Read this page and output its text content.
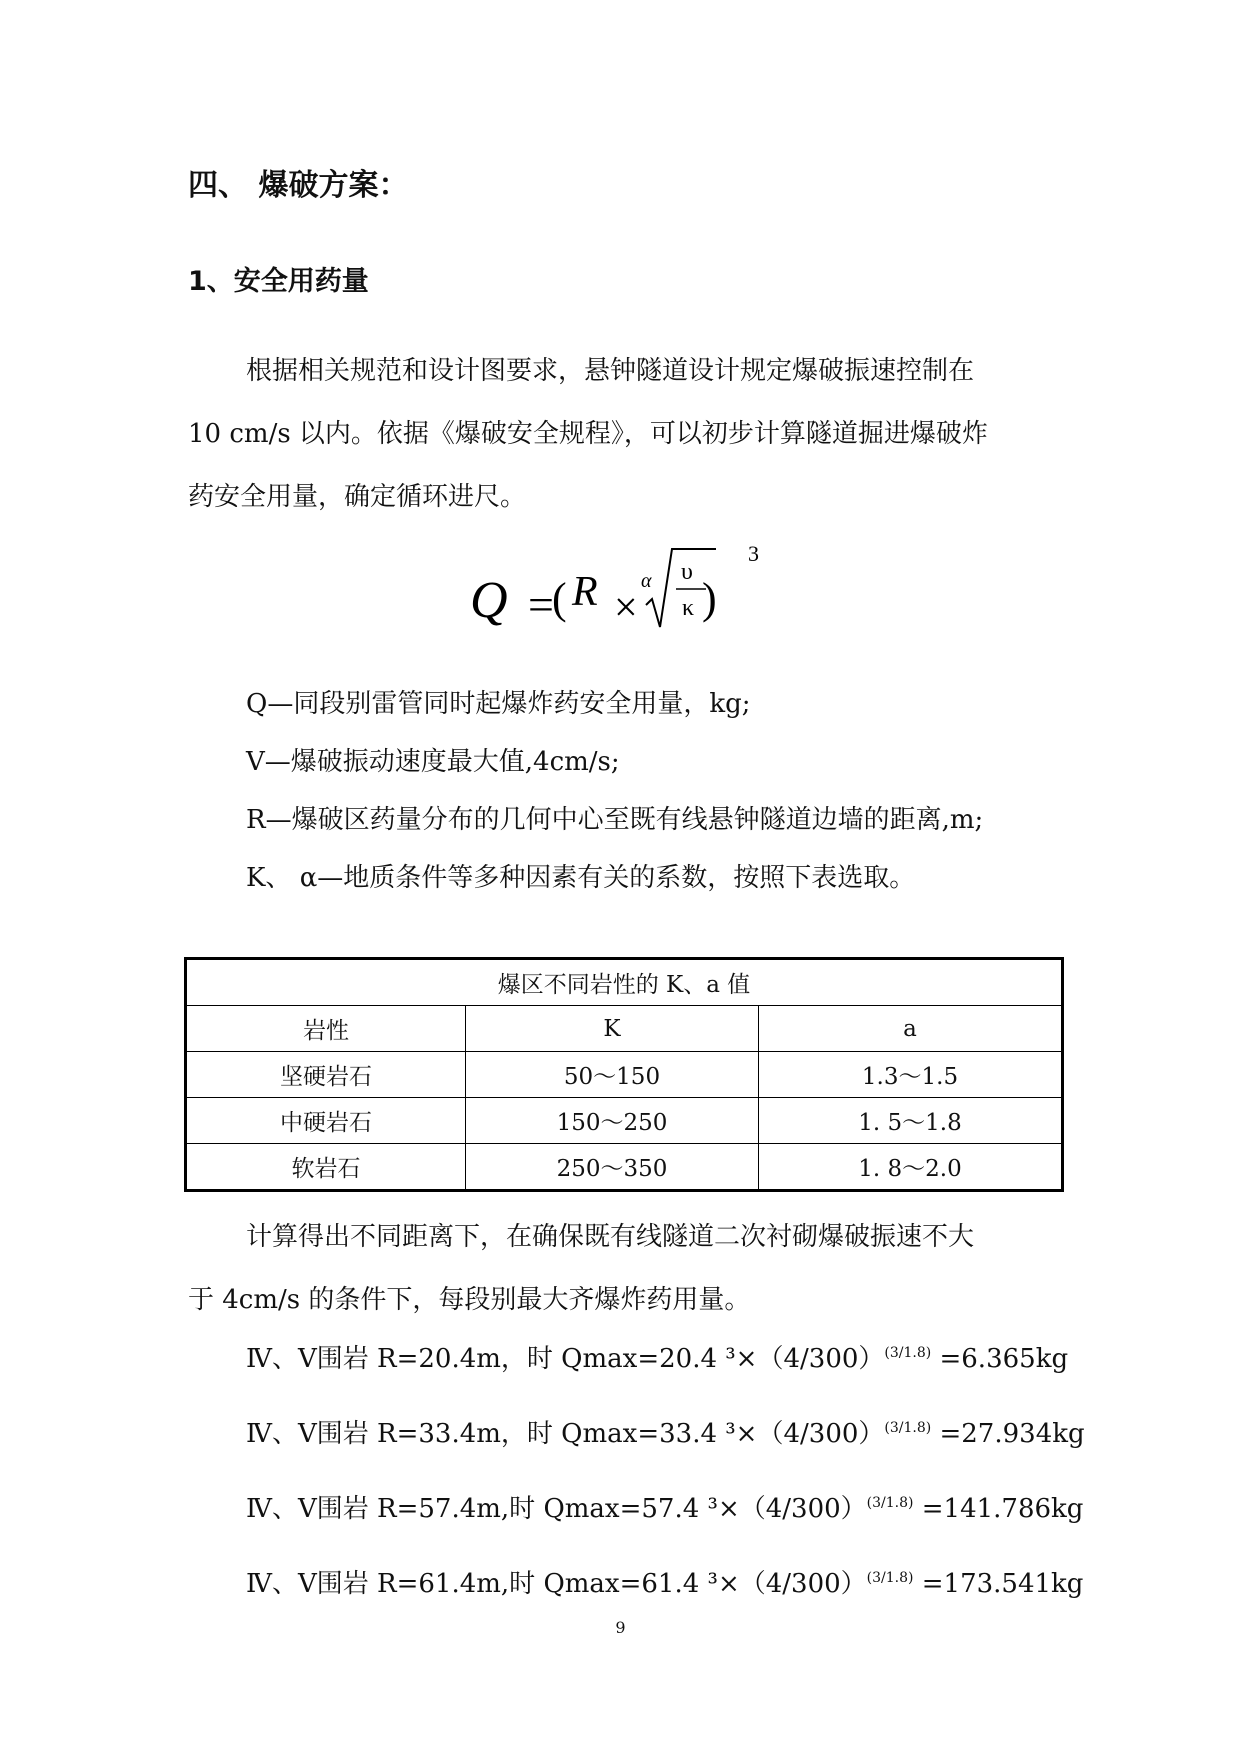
四、 爆破方案：
1、安全用药量
根据相关规范和设计图要求，悬钟隧道设计规定爆破振速控制在
10 cm/s 以内。依据《爆破安全规程》，可以初步计算隧道掘进爆破炸
药安全用量，确定循环进尺。
Q =
( R ×
α υ
κ )
3
Q—同段别雷管同时起爆炸药安全用量，kg;
V—爆破振动速度最大值,4cm/s;
R—爆破区药量分布的几何中心至既有线悬钟隧道边墙的距离,m;
K、 α—地质条件等多种因素有关的系数，按照下表选取。
爆区不同岩性的 K、a 值		
岩性	K	a
坚硬岩石	50～150	1.3～1.5
中硬岩石	150～250	1. 5～1.8
软岩石	250～350	1. 8～2.0
计算得出不同距离下，在确保既有线隧道二次衬砌爆破振速不大
于 4cm/s 的条件下，每段别最大齐爆炸药用量。
Ⅳ、Ⅴ围岩 R=20.4m，时 Qmax=20.4 $^3\times(4/300)^{(3/1.8)} =6.365kg$
Ⅳ、Ⅴ围岩 R=33.4m，时 Qmax=33.4 $^3\times(4/300)^{(3/1.8)} =27.934kg$
Ⅳ、Ⅴ围岩 R=57.4m,时 Qmax=57.4 $^3\times(4/300)^{(3/1.8)} =141.786kg$
Ⅳ、Ⅴ围岩 R=61.4m,时 Qmax=61.4 $^3\times(4/300)^{(3/1.8)} =173.541kg$
9
